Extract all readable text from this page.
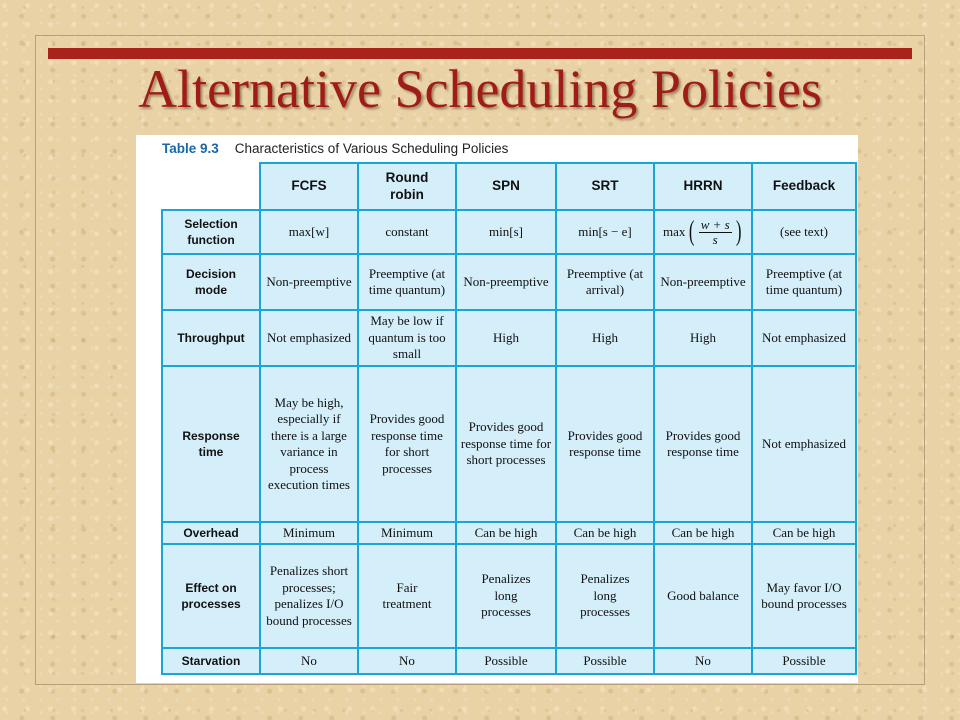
Alternative Scheduling Policies
Table 9.3 Characteristics of Various Scheduling Policies
	FCFS	Round robin	SPN	SRT	HRRN	Feedback
Selection function	max[w]	constant	min[s]	min[s − e]	max ( $\frac{w + s}{s}$ )	(see text)
Decision mode	Non-preemptive	Preemptive (at time quantum)	Non-preemptive	Preemptive (at arrival)	Non-preemptive	Preemptive (at time quantum)
Throughput	Not emphasized	May be low if quantum is too small	High	High	High	Not emphasized
Response time	May be high, especially if there is a large variance in process execution times	Provides good response time for short processes	Provides good response time for short processes	Provides good response time	Provides good response time	Not emphasized
Overhead	Minimum	Minimum	Can be high	Can be high	Can be high	Can be high
Effect on processes	Penalizes short processes; penalizes I/O bound processes	Fair treatment	Penalizes long processes	Penalizes long processes	Good balance	May favor I/O bound processes
Starvation	No	No	Possible	Possible	No	Possible
